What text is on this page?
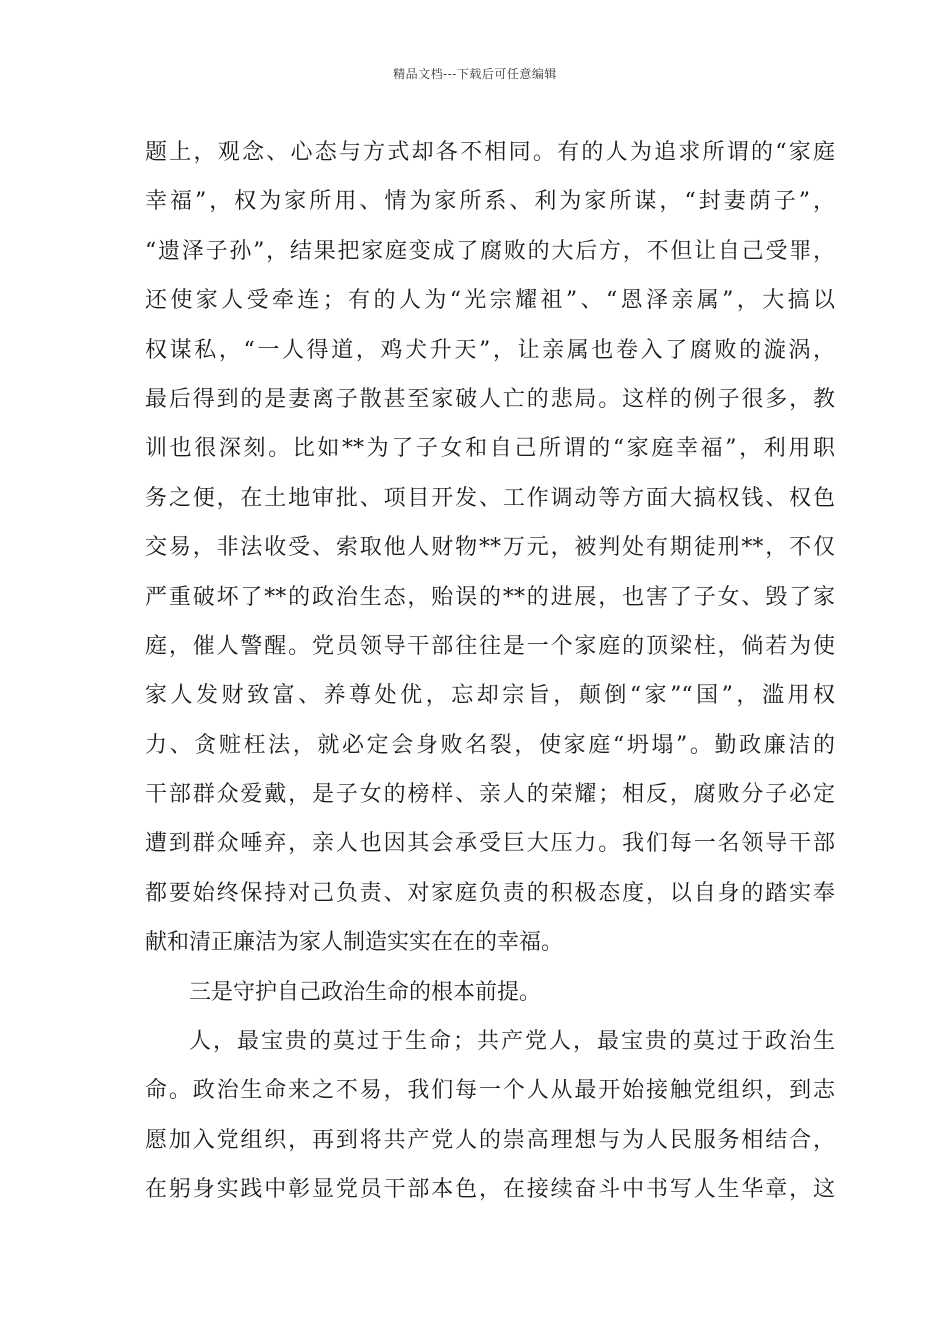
精品文档---下载后可任意编辑
题上，观念、心态与方式却各不相同。有的人为追求所谓的“家庭
幸福”，权为家所用、情为家所系、利为家所谋，“封妻荫子”，
“遗泽子孙”，结果把家庭变成了腐败的大后方，不但让自己受罪，
还使家人受牵连；有的人为“光宗耀祖”、“恩泽亲属”，大搞以
权谋私，“一人得道，鸡犬升天”，让亲属也卷入了腐败的漩涡，
最后得到的是妻离子散甚至家破人亡的悲局。这样的例子很多，教
训也很深刻。比如**为了子女和自己所谓的“家庭幸福”，利用职
务之便，在土地审批、项目开发、工作调动等方面大搞权钱、权色
交易，非法收受、索取他人财物**万元，被判处有期徒刑**，不仅
严重破坏了**的政治生态，贻误的**的进展，也害了子女、毁了家
庭，催人警醒。党员领导干部往往是一个家庭的顶梁柱，倘若为使
家人发财致富、养尊处优，忘却宗旨，颠倒“家”“国”，滥用权
力、贪赃枉法，就必定会身败名裂，使家庭“坍塌”。勤政廉洁的
干部群众爱戴，是子女的榜样、亲人的荣耀；相反，腐败分子必定
遭到群众唾弃，亲人也因其会承受巨大压力。我们每一名领导干部
都要始终保持对己负责、对家庭负责的积极态度，以自身的踏实奉
献和清正廉洁为家人制造实实在在的幸福。
三是守护自己政治生命的根本前提。
人，最宝贵的莫过于生命；共产党人，最宝贵的莫过于政治生
命。政治生命来之不易，我们每一个人从最开始接触党组织，到志
愿加入党组织，再到将共产党人的崇高理想与为人民服务相结合，
在躬身实践中彰显党员干部本色，在接续奋斗中书写人生华章，这
